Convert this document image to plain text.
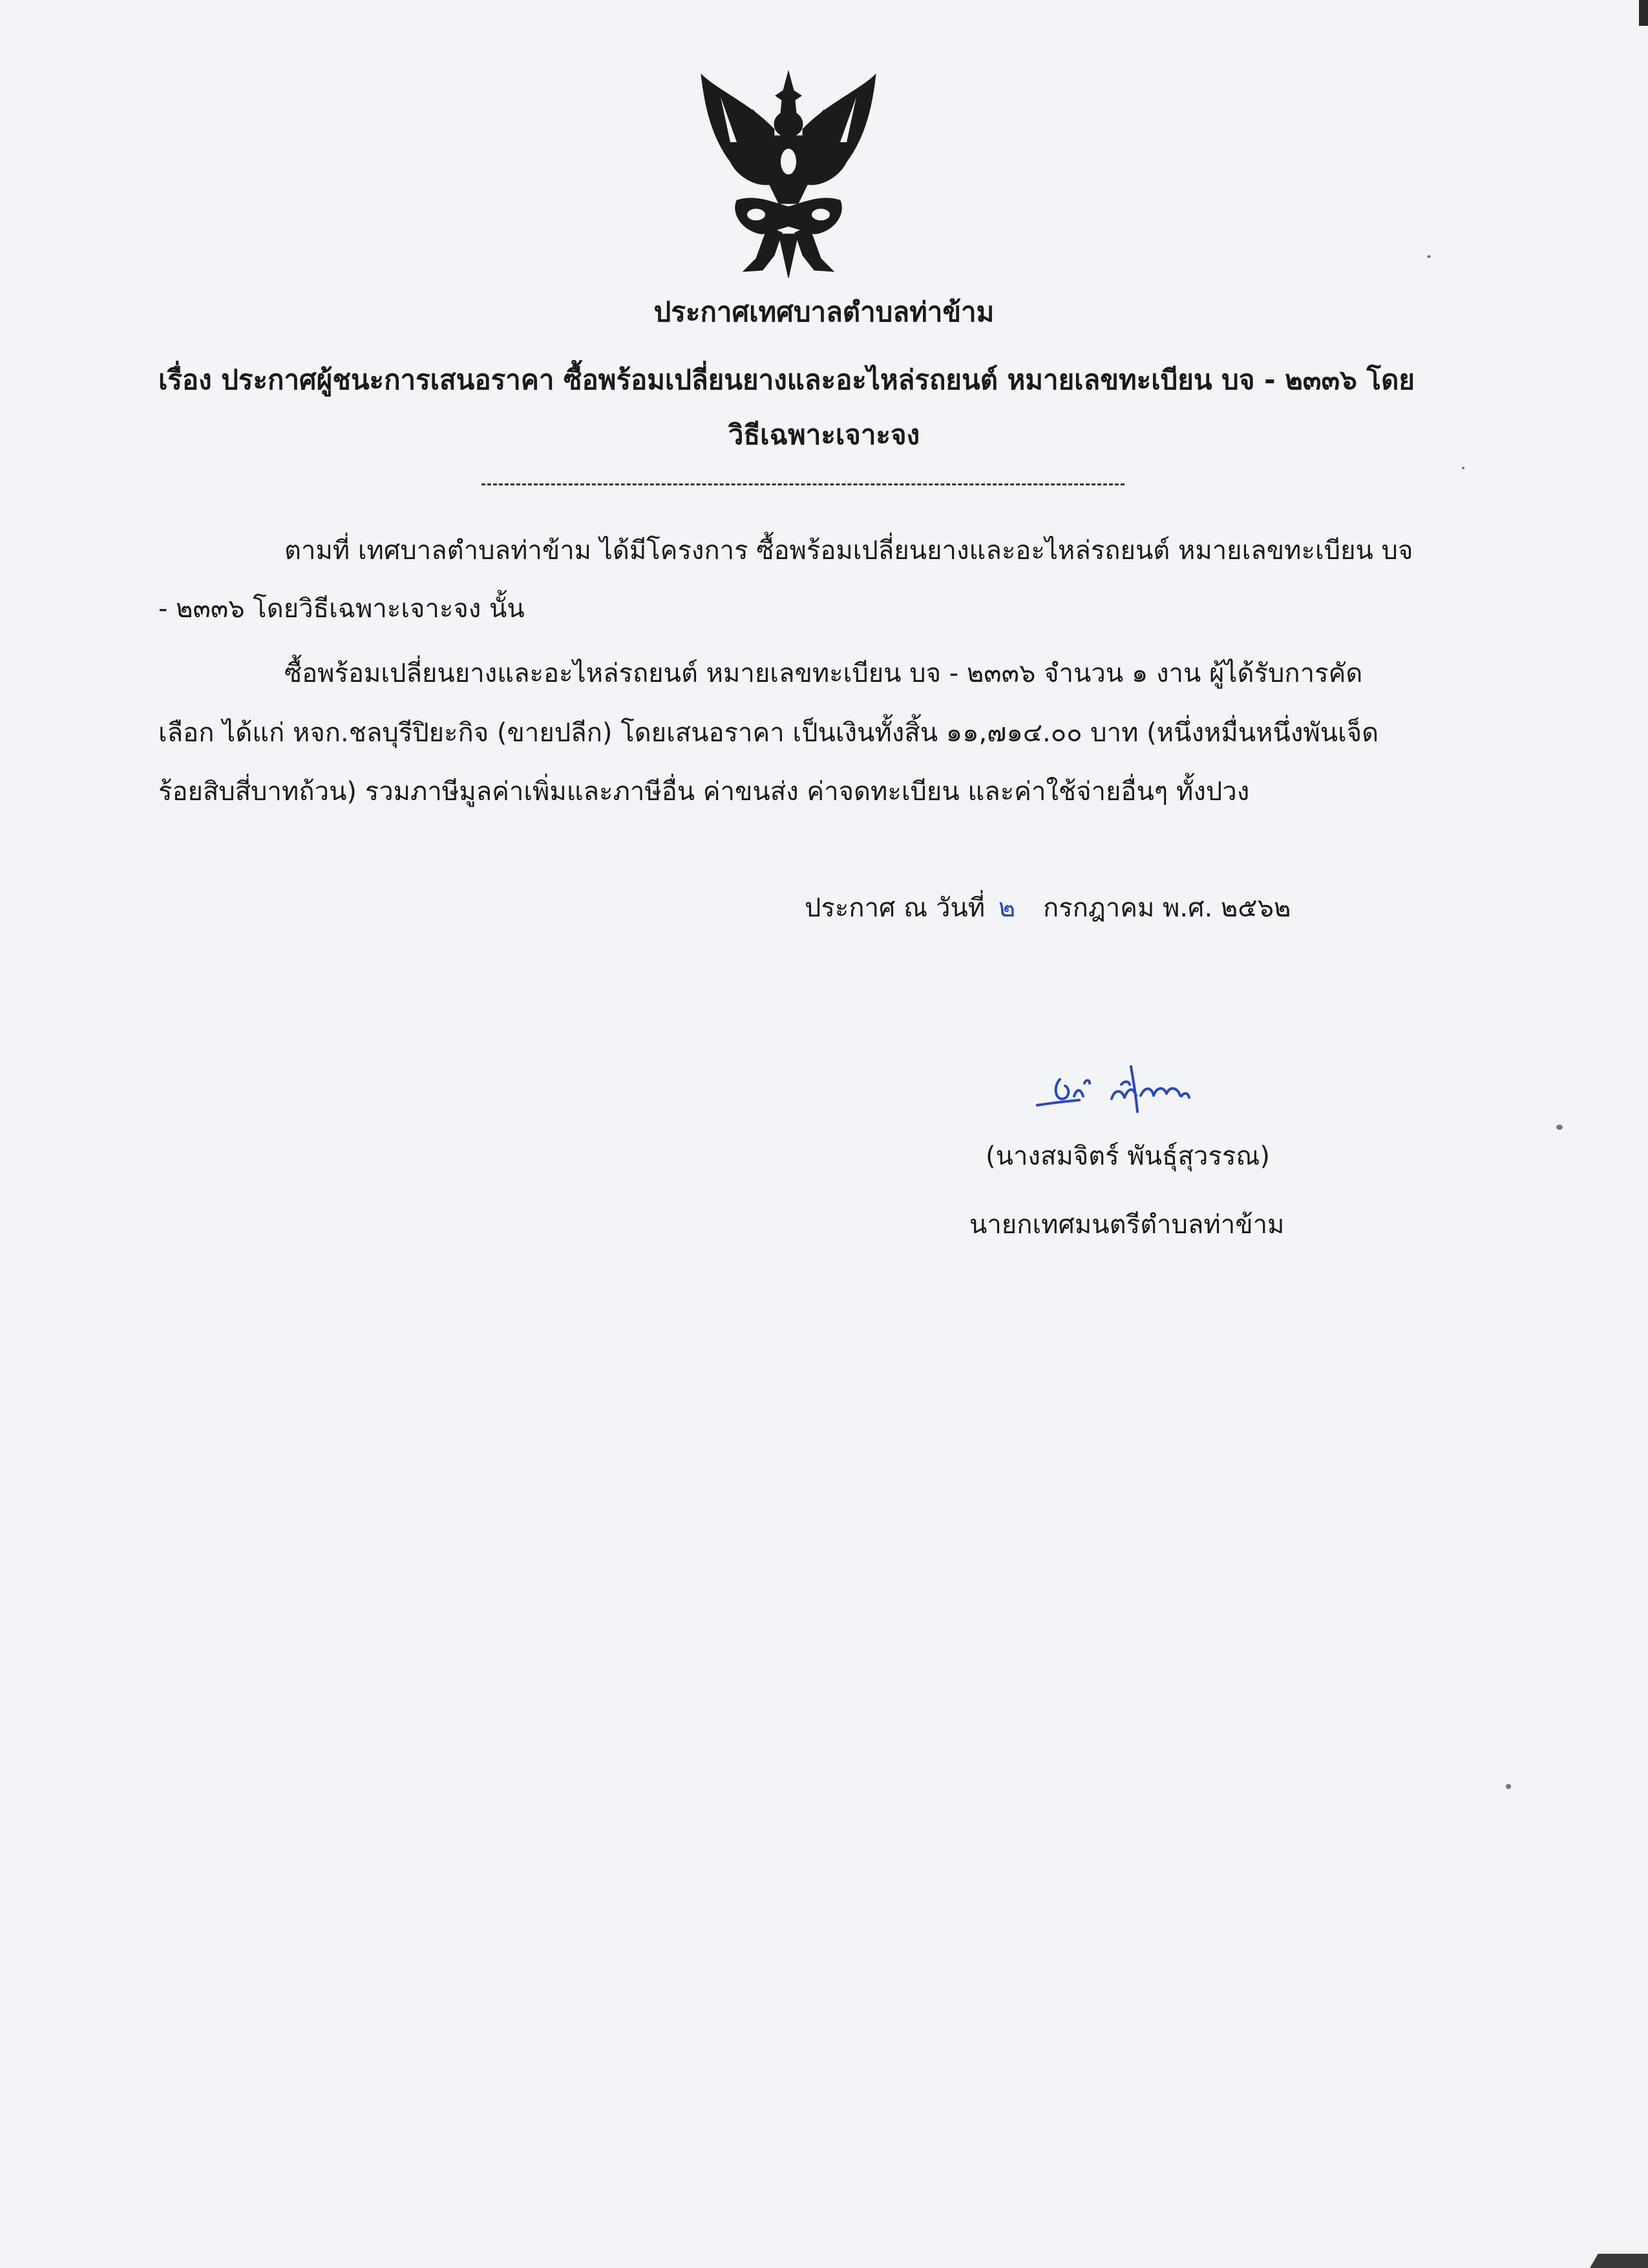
ประกาศเทศบาลตำบลท่าข้าม
เรื่อง ประกาศผู้ชนะการเสนอราคา ซื้อพร้อมเปลี่ยนยางและอะไหล่รถยนต์ หมายเลขทะเบียน บจ - ๒๓๓๖ โดย
วิธีเฉพาะเจาะจง
ตามที่ เทศบาลตำบลท่าข้าม ได้มีโครงการ ซื้อพร้อมเปลี่ยนยางและอะไหล่รถยนต์ หมายเลขทะเบียน บจ
- ๒๓๓๖ โดยวิธีเฉพาะเจาะจง นั้น
ซื้อพร้อมเปลี่ยนยางและอะไหล่รถยนต์ หมายเลขทะเบียน บจ - ๒๓๓๖ จำนวน ๑ งาน ผู้ได้รับการคัด
เลือก ได้แก่ หจก.ชลบุรีปิยะกิจ (ขายปลีก) โดยเสนอราคา เป็นเงินทั้งสิ้น ๑๑,๗๑๔.๐๐ บาท (หนึ่งหมื่นหนึ่งพันเจ็ด
ร้อยสิบสี่บาทถ้วน) รวมภาษีมูลค่าเพิ่มและภาษีอื่น ค่าขนส่ง ค่าจดทะเบียน และค่าใช้จ่ายอื่นๆ ทั้งปวง
ประกาศ ณ วันที่ ๒ กรกฎาคม พ.ศ. ๒๕๖๒
(นางสมจิตร์ พันธุ์สุวรรณ)
นายกเทศมนตรีตำบลท่าข้าม
